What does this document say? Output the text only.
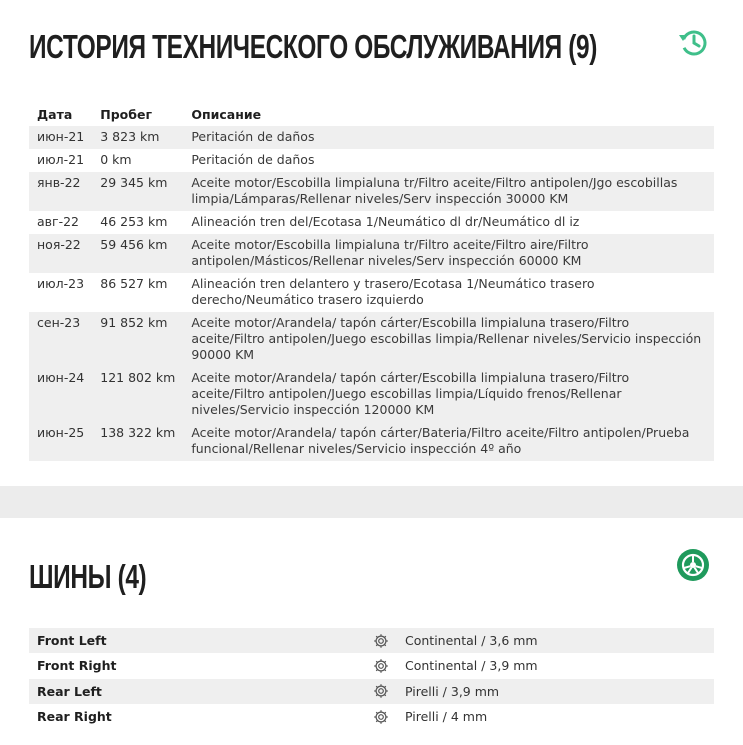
ИСТОРИЯ ТЕХНИЧЕСКОГО ОБСЛУЖИВАНИЯ (9)
Дата	Пробег	Описание
июн-21	3 823 km	Peritación de daños
июл-21	0 km	Peritación de daños
янв-22	29 345 km	Aceite motor/Escobilla limpialuna tr/Filtro aceite/Filtro antipolen/Jgo escobillas limpia/Lámparas/Rellenar niveles/Serv inspección 30000 KM
авг-22	46 253 km	Alineación tren del/Ecotasa 1/Neumático dl dr/Neumático dl iz
ноя-22	59 456 km	Aceite motor/Escobilla limpialuna tr/Filtro aceite/Filtro aire/Filtro antipolen/Másticos/Rellenar niveles/Serv inspección 60000 KM
июл-23	86 527 km	Alineación tren delantero y trasero/Ecotasa 1/Neumático trasero derecho/Neumático trasero izquierdo
сен-23	91 852 km	Aceite motor/Arandela/ tapón cárter/Escobilla limpialuna trasero/Filtro aceite/Filtro antipolen/Juego escobillas limpia/Rellenar niveles/Servicio inspección 90000 KM
июн-24	121 802 km	Aceite motor/Arandela/ tapón cárter/Escobilla limpialuna trasero/Filtro aceite/Filtro antipolen/Juego escobillas limpia/Líquido frenos/Rellenar niveles/Servicio inspección 120000 KM
июн-25	138 322 km	Aceite motor/Arandela/ tapón cárter/Bateria/Filtro aceite/Filtro antipolen/Prueba funcional/Rellenar niveles/Servicio inspección 4º año
ШИНЫ (4)
Front Left	Continental / 3,6 mm
Front Right	Continental / 3,9 mm
Rear Left	Pirelli / 3,9 mm
Rear Right	Pirelli / 4 mm
